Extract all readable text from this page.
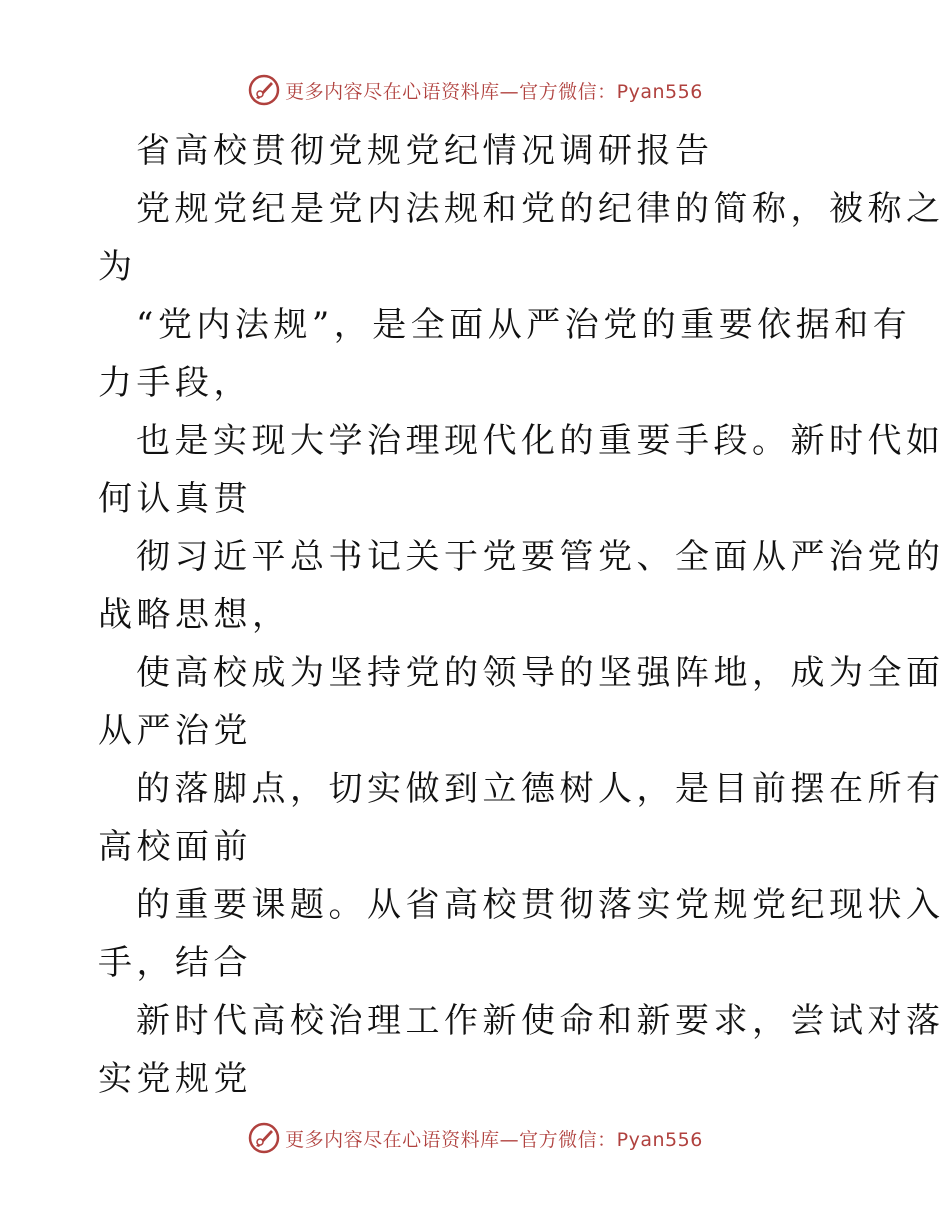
更多内容尽在心语资料库—官方微信：Pyan556
省高校贯彻党规党纪情况调研报告
党规党纪是党内法规和党的纪律的简称，被称之
为
“党内法规”，是全面从严治党的重要依据和有
力手段，
也是实现大学治理现代化的重要手段。新时代如
何认真贯
彻习近平总书记关于党要管党、全面从严治党的
战略思想，
使高校成为坚持党的领导的坚强阵地，成为全面
从严治党
的落脚点，切实做到立德树人，是目前摆在所有
高校面前
的重要课题。从省高校贯彻落实党规党纪现状入
手，结合
新时代高校治理工作新使命和新要求，尝试对落
实党规党
更多内容尽在心语资料库—官方微信：Pyan556
